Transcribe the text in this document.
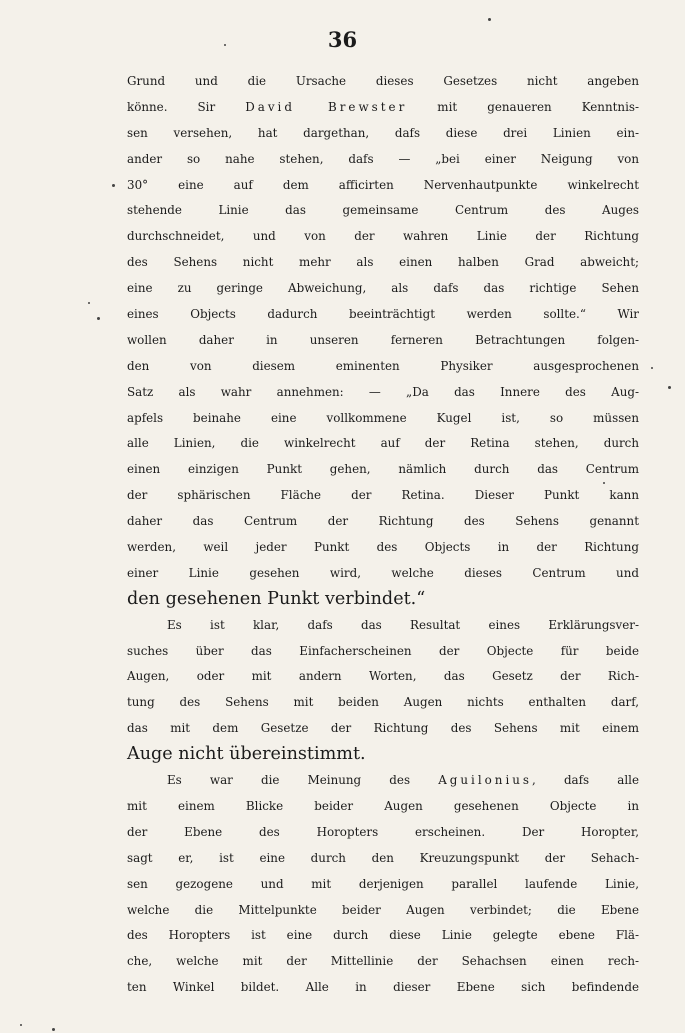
36
Grund und die Ursache dieses Gesetzes nicht angeben
könne. Sir David Brewster mit genaueren Kenntnis-
sen versehen, hat dargethan, dafs diese drei Linien ein-
ander so nahe stehen, dafs — „bei einer Neigung von
30° eine auf dem afficirten Nervenhautpunkte winkelrecht
stehende Linie das gemeinsame Centrum des Auges
durchschneidet, und von der wahren Linie der Richtung
des Sehens nicht mehr als einen halben Grad abweicht;
eine zu geringe Abweichung, als dafs das richtige Sehen
eines Objects dadurch beeinträchtigt werden sollte.“ Wir
wollen daher in unseren ferneren Betrachtungen folgen-
den von diesem eminenten Physiker ausgesprochenen
Satz als wahr annehmen: — „Da das Innere des Aug-
apfels beinahe eine vollkommene Kugel ist, so müssen
alle Linien, die winkelrecht auf der Retina stehen, durch
einen einzigen Punkt gehen, nämlich durch das Centrum
der sphärischen Fläche der Retina. Dieser Punkt kann
daher das Centrum der Richtung des Sehens genannt
werden, weil jeder Punkt des Objects in der Richtung
einer Linie gesehen wird, welche dieses Centrum und
den gesehenen Punkt verbindet.“
Es ist klar, dafs das Resultat eines Erklärungsver-
suches über das Einfacherscheinen der Objecte für beide
Augen, oder mit andern Worten, das Gesetz der Rich-
tung des Sehens mit beiden Augen nichts enthalten darf,
das mit dem Gesetze der Richtung des Sehens mit einem
Auge nicht übereinstimmt.
Es war die Meinung des Aguilonius, dafs alle
mit einem Blicke beider Augen gesehenen Objecte in
der Ebene des Horopters erscheinen. Der Horopter,
sagt er, ist eine durch den Kreuzungspunkt der Sehach-
sen gezogene und mit derjenigen parallel laufende Linie,
welche die Mittelpunkte beider Augen verbindet; die Ebene
des Horopters ist eine durch diese Linie gelegte ebene Flä-
che, welche mit der Mittellinie der Sehachsen einen rech-
ten Winkel bildet. Alle in dieser Ebene sich befindende
